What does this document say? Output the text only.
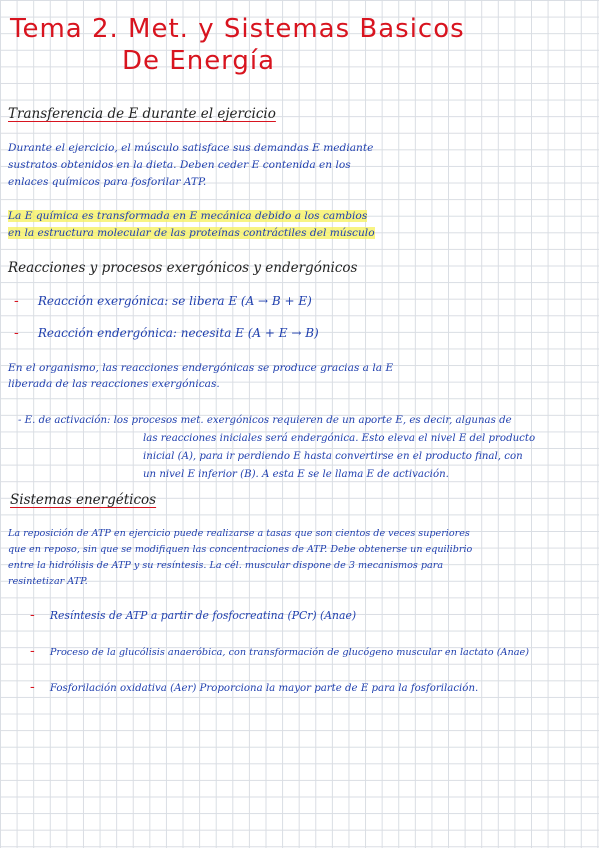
Tema 2. Met. y Sistemas Basicos
De Energía
Transferencia de E durante el ejercicio
Durante el ejercicio, el músculo satisface sus demandas E mediante
sustratos obtenidos en la dieta. Deben ceder E contenida en los
enlaces químicos para fosforilar ATP.
La E química es transformada en E mecánica debido a los cambios
en la estructura molecular de las proteínas contráctiles del músculo
Reacciones y procesos exergónicos y endergónicos
- Reacción exergónica: se libera E (A → B + E)
- Reacción endergónica: necesita E (A + E → B)
En el organismo, las reacciones endergónicas se produce gracias a la E
liberada de las reacciones exergónicas.
- E. de activación: los procesos met. exergónicos requieren de un aporte E, es decir, algunas de
las reacciones iniciales será endergónica. Esto eleva el nivel E del producto
inicial (A), para ir perdiendo E hasta convertirse en el producto final, con
un nivel E inferior (B). A esta E se le llama E de activación.
Sistemas energéticos
La reposición de ATP en ejercicio puede realizarse a tasas que son cientos de veces superiores
que en reposo, sin que se modifiquen las concentraciones de ATP. Debe obtenerse un equilibrio
entre la hidrólisis de ATP y su resíntesis. La cél. muscular dispone de 3 mecanismos para
resintetizar ATP.
- Resíntesis de ATP a partir de fosfocreatina (PCr) (Anae)
- Proceso de la glucólisis anaeróbica, con transformación de glucógeno muscular en lactato (Anae)
- Fosforilación oxidativa (Aer) Proporciona la mayor parte de E para la fosforilación.
